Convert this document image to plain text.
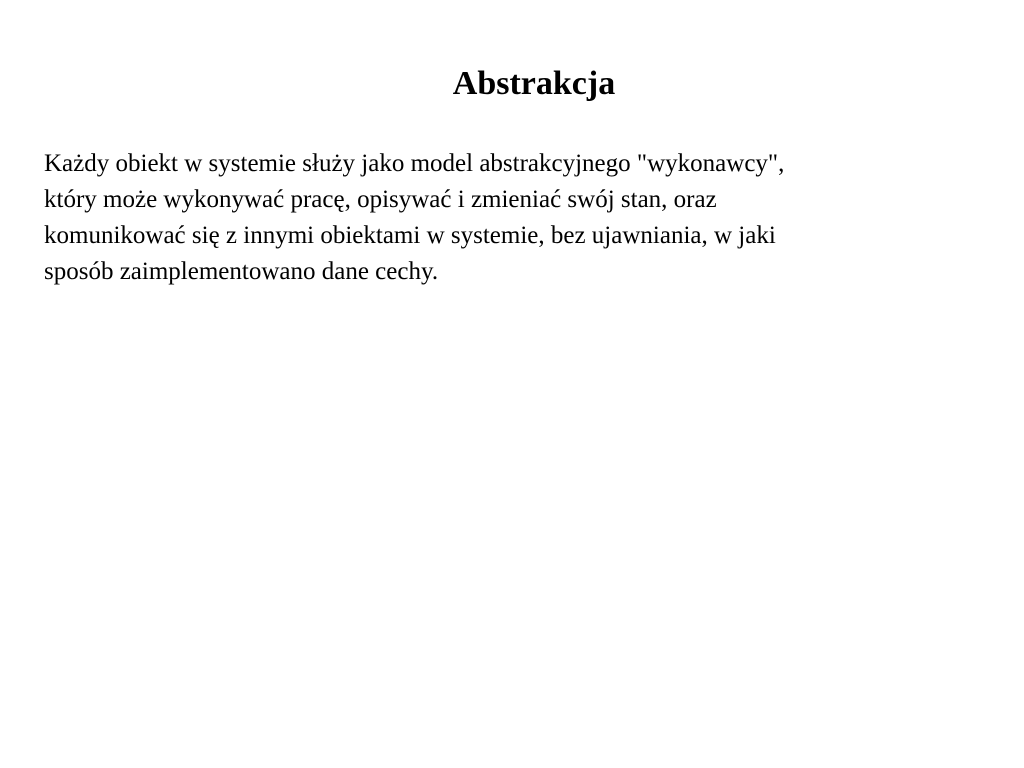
Abstrakcja

Każdy obiekt w systemie służy jako model abstrakcyjnego "wykonawcy",
który może wykonywać pracę, opisywać i zmieniać swój stan, oraz
komunikować się z innymi obiektami w systemie, bez ujawniania, w jaki
sposób zaimplementowano dane cechy.
